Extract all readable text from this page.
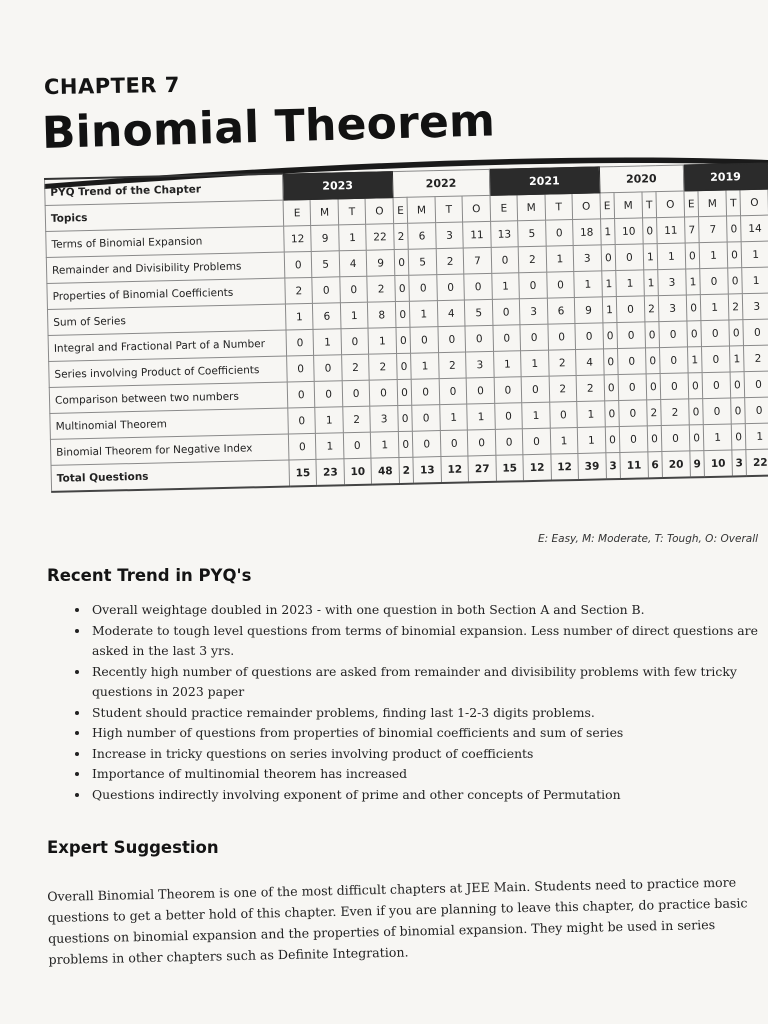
CHAPTER 7
Binomial Theorem
PYQ Trend of the Chapter	2023				2022				2021				2020				2019			
Topics	E	M	T	O	E	M	T	O	E	M	T	O	E	M	T	O	E	M	T	O
Terms of Binomial Expansion	12	9	1	22	2	6	3	11	13	5	0	18	1	10	0	11	7	7	0	14
Remainder and Divisibility Problems	0	5	4	9	0	5	2	7	0	2	1	3	0	0	1	1	0	1	0	1
Properties of Binomial Coefficients	2	0	0	2	0	0	0	0	1	0	0	1	1	1	1	3	1	0	0	1
Sum of Series	1	6	1	8	0	1	4	5	0	3	6	9	1	0	2	3	0	1	2	3
Integral and Fractional Part of a Number	0	1	0	1	0	0	0	0	0	0	0	0	0	0	0	0	0	0	0	0
Series involving Product of Coefficients	0	0	2	2	0	1	2	3	1	1	2	4	0	0	0	0	1	0	1	2
Comparison between two numbers	0	0	0	0	0	0	0	0	0	0	2	2	0	0	0	0	0	0	0	0
Multinomial Theorem	0	1	2	3	0	0	1	1	0	1	0	1	0	0	2	2	0	0	0	0
Binomial Theorem for Negative Index	0	1	0	1	0	0	0	0	0	0	1	1	0	0	0	0	0	1	0	1
Total Questions	15	23	10	48	2	13	12	27	15	12	12	39	3	11	6	20	9	10	3	22
E: Easy, M: Moderate, T: Tough, O: Overall
Recent Trend in PYQ's
• Overall weightage doubled in 2023 - with one question in both Section A and Section B.
• Moderate to tough level questions from terms of binomial expansion. Less number of direct questions are asked in the last 3 yrs.
• Recently high number of questions are asked from remainder and divisibility problems with few tricky questions in 2023 paper
• Student should practice remainder problems, finding last 1-2-3 digits problems.
• High number of questions from properties of binomial coefficients and sum of series
• Increase in tricky questions on series involving product of coefficients
• Importance of multinomial theorem has increased
• Questions indirectly involving exponent of prime and other concepts of Permutation
Expert Suggestion

Overall Binomial Theorem is one of the most difficult chapters at JEE Main. Students need to practice more questions to get a better hold of this chapter. Even if you are planning to leave this chapter, do practice basic questions on binomial expansion and the properties of binomial expansion. They might be used in series problems in other chapters such as Definite Integration.
